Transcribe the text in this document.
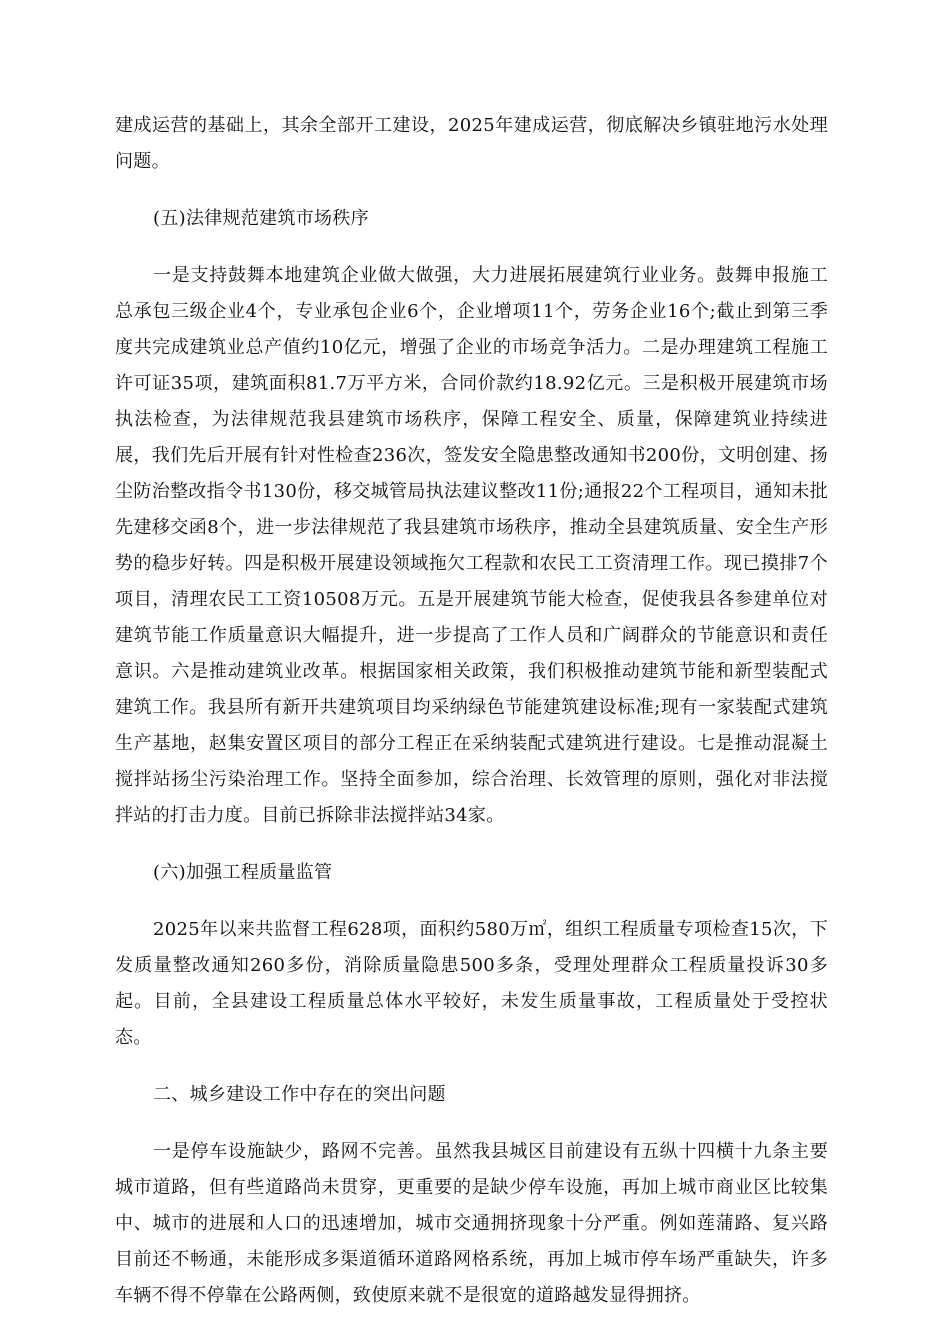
建成运营的基础上，其余全部开工建设，2025年建成运营，彻底解决乡镇驻地污水处理问题。

(五)法律规范建筑市场秩序

一是支持鼓舞本地建筑企业做大做强，大力进展拓展建筑行业业务。鼓舞申报施工总承包三级企业4个，专业承包企业6个，企业增项11个，劳务企业16个;截止到第三季度共完成建筑业总产值约10亿元，增强了企业的市场竞争活力。二是办理建筑工程施工许可证35项，建筑面积81.7万平方米，合同价款约18.92亿元。三是积极开展建筑市场执法检查，为法律规范我县建筑市场秩序，保障工程安全、质量，保障建筑业持续进展，我们先后开展有针对性检查236次，签发安全隐患整改通知书200份，文明创建、扬尘防治整改指令书130份，移交城管局执法建议整改11份;通报22个工程项目，通知未批先建移交函8个，进一步法律规范了我县建筑市场秩序，推动全县建筑质量、安全生产形势的稳步好转。四是积极开展建设领域拖欠工程款和农民工工资清理工作。现已摸排7个项目，清理农民工工资10508万元。五是开展建筑节能大检查，促使我县各参建单位对建筑节能工作质量意识大幅提升，进一步提高了工作人员和广阔群众的节能意识和责任意识。六是推动建筑业改革。根据国家相关政策，我们积极推动建筑节能和新型装配式建筑工作。我县所有新开共建筑项目均采纳绿色节能建筑建设标准;现有一家装配式建筑生产基地，赵集安置区项目的部分工程正在采纳装配式建筑进行建设。七是推动混凝土搅拌站扬尘污染治理工作。坚持全面参加，综合治理、长效管理的原则，强化对非法搅拌站的打击力度。目前已拆除非法搅拌站34家。

(六)加强工程质量监管

2025年以来共监督工程628项，面积约580万㎡，组织工程质量专项检查15次，下发质量整改通知260多份，消除质量隐患500多条，受理处理群众工程质量投诉30多起。目前，全县建设工程质量总体水平较好，未发生质量事故，工程质量处于受控状态。

二、城乡建设工作中存在的突出问题

一是停车设施缺少，路网不完善。虽然我县城区目前建设有五纵十四横十九条主要城市道路，但有些道路尚未贯穿，更重要的是缺少停车设施，再加上城市商业区比较集中、城市的进展和人口的迅速增加，城市交通拥挤现象十分严重。例如莲蒲路、复兴路目前还不畅通，未能形成多渠道循环道路网格系统，再加上城市停车场严重缺失，许多车辆不得不停靠在公路两侧，致使原来就不是很宽的道路越发显得拥挤。
